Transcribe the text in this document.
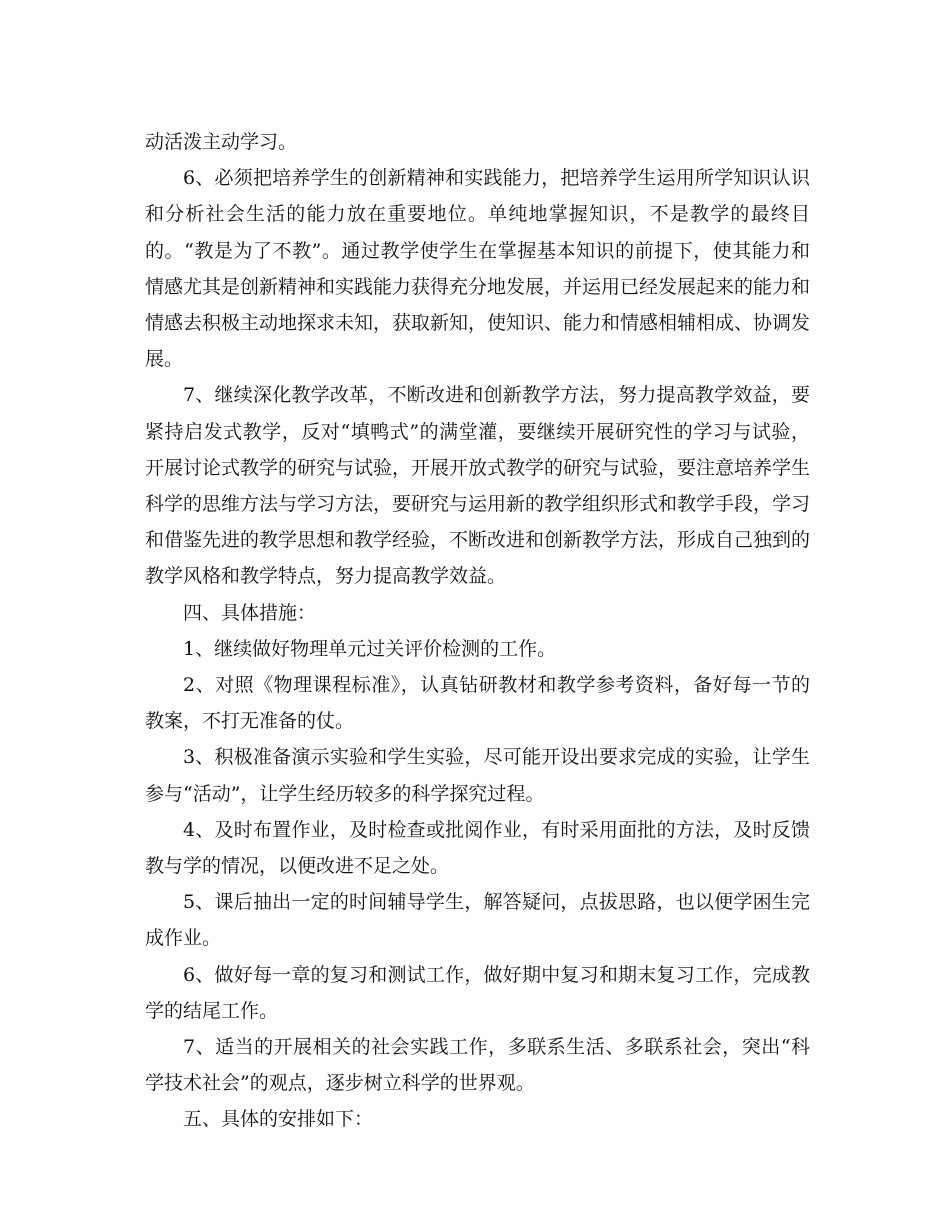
动活泼主动学习。

6、必须把培养学生的创新精神和实践能力，把培养学生运用所学知识认识和分析社会生活的能力放在重要地位。单纯地掌握知识，不是教学的最终目的。“教是为了不教”。通过教学使学生在掌握基本知识的前提下，使其能力和情感尤其是创新精神和实践能力获得充分地发展，并运用已经发展起来的能力和情感去积极主动地探求未知，获取新知，使知识、能力和情感相辅相成、协调发展。

7、继续深化教学改革，不断改进和创新教学方法，努力提高教学效益，要紧持启发式教学，反对“填鸭式”的满堂灌，要继续开展研究性的学习与试验，开展讨论式教学的研究与试验，开展开放式教学的研究与试验，要注意培养学生科学的思维方法与学习方法，要研究与运用新的教学组织形式和教学手段，学习和借鉴先进的教学思想和教学经验，不断改进和创新教学方法，形成自己独到的教学风格和教学特点，努力提高教学效益。

四、具体措施：

1、继续做好物理单元过关评价检测的工作。

2、对照《物理课程标准》，认真钻研教材和教学参考资料，备好每一节的教案，不打无准备的仗。

3、积极准备演示实验和学生实验，尽可能开设出要求完成的实验，让学生参与“活动”，让学生经历较多的科学探究过程。

4、及时布置作业，及时检查或批阅作业，有时采用面批的方法，及时反馈教与学的情况，以便改进不足之处。

5、课后抽出一定的时间辅导学生，解答疑问，点拔思路，也以便学困生完成作业。

6、做好每一章的复习和测试工作，做好期中复习和期末复习工作，完成教学的结尾工作。

7、适当的开展相关的社会实践工作，多联系生活、多联系社会，突出“科学技术社会”的观点，逐步树立科学的世界观。

五、具体的安排如下：
